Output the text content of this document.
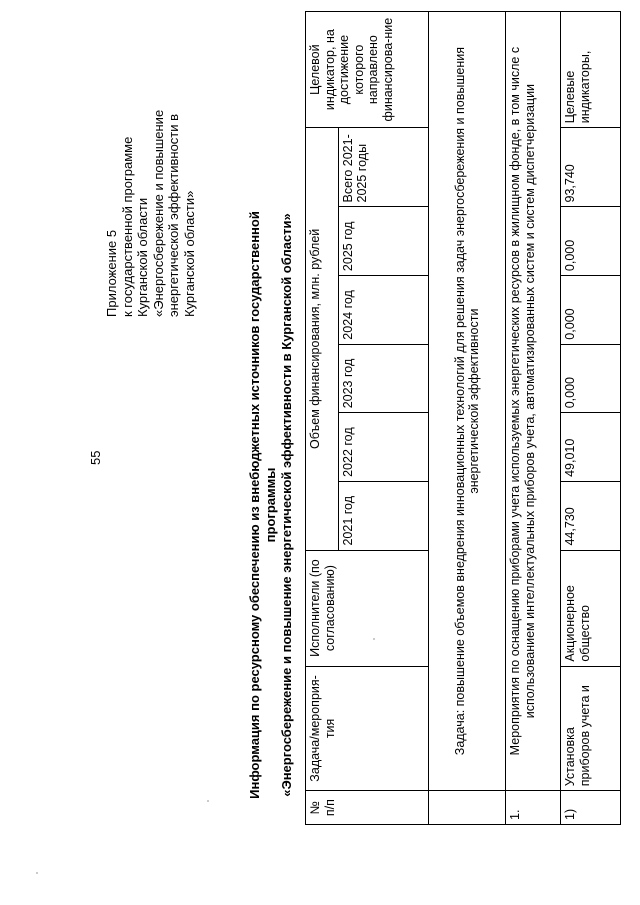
55
Приложение 5 к государственной программе Курганской области «Энергосбережение и повышение энергетической эффективности в Курганской области»	Информация по ресурсному обеспечению из внебюджетных источников государственной программы «Энергосбережение и повышение энергетической эффективности в Курганской области»
№ п/п	Задача/мероприя-тия	Исполнители (по согласованию)	Объем финансирования, млн. рублей						Целевой индикатор, на достижение которого направлено финансирова-ние
			2021 год	2022 год	2023 год	2024 год	2025 год	Всего 2021-2025 годы	
	Задача: повышение объемов внедрения инновационных технологий для решения задач энергосбережения и повышения энергетической эффективности								
1.	Мероприятия по оснащению приборами учета используемых энергетических ресурсов в жилищном фонде, в том числе с использованием интеллектуальных приборов учета, автоматизированных систем и систем диспетчеризации								
1)	Установка приборов учета и	Акционерное общество	44,730	49,010	0,000	0,000	0,000	93,740	Целевые индикаторы,
